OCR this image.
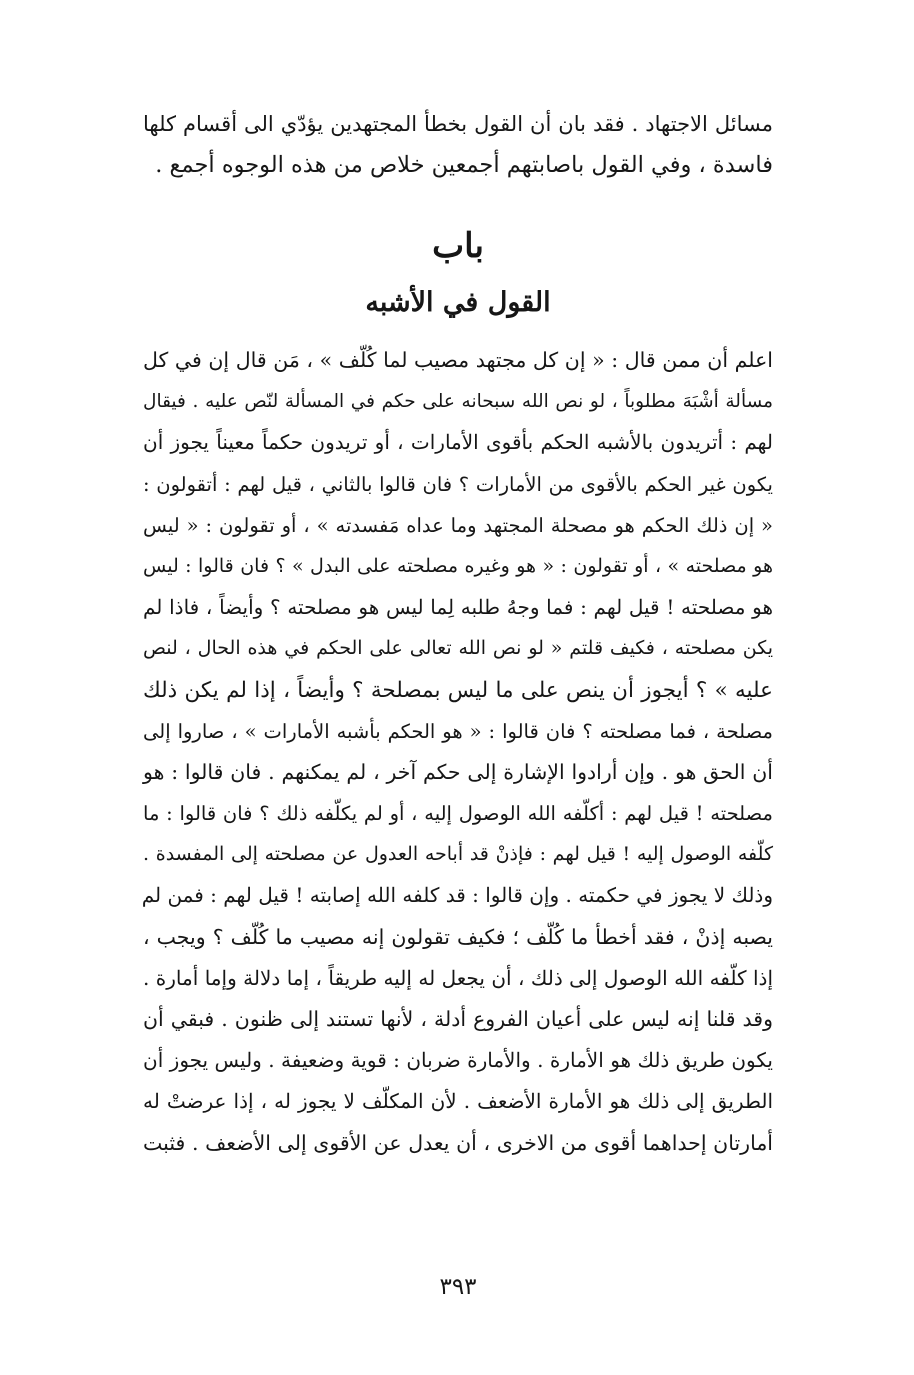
مسائل الاجتهاد . فقد بان أن القول بخطأ المجتهدين يؤدّي الى أقسام كلها
فاسدة ، وفي القول باصابتهم أجمعين خلاص من هذه الوجوه أجمع .
باب
القول في الأشبه
اعلم أن ممن قال : « إن كل مجتهد مصيب لما كُلّف » ، مَن قال إن في كل
مسألة أشْبَهَ مطلوباً ، لو نص الله سبحانه على حكم في المسألة لنّص عليه . فيقال
لهم : أتريدون بالأشبه الحكم بأقوى الأمارات ، أو تريدون حكماً معيناً يجوز أن
يكون غير الحكم بالأقوى من الأمارات ؟ فان قالوا بالثاني ، قيل لهم : أتقولون :
« إن ذلك الحكم هو مصحلة المجتهد وما عداه مَفسدته » ، أو تقولون : « ليس
هو مصلحته » ، أو تقولون : « هو وغيره مصلحته على البدل » ؟ فان قالوا : ليس
هو مصلحته ! قيل لهم : فما وجهُ طلبه لِما ليس هو مصلحته ؟ وأيضاً ، فاذا لم
يكن مصلحته ، فكيف قلتم « لو نص الله تعالى على الحكم في هذه الحال ، لنص
عليه » ؟ أيجوز أن ينص على ما ليس بمصلحة ؟ وأيضاً ، إذا لم يكن ذلك
مصلحة ، فما مصلحته ؟ فان قالوا : « هو الحكم بأشبه الأمارات » ، صاروا إلى
أن الحق هو . وإن أرادوا الإشارة إلى حكم آخر ، لم يمكنهم . فان قالوا : هو
مصلحته ! قيل لهم : أكلّفه الله الوصول إليه ، أو لم يكلّفه ذلك ؟ فان قالوا : ما
كلّفه الوصول إليه ! قيل لهم : فإذنْ قد أباحه العدول عن مصلحته إلى المفسدة .
وذلك لا يجوز في حكمته . وإن قالوا : قد كلفه الله إصابته ! قيل لهم : فمن لم
يصبه إذنْ ، فقد أخطأ ما كُلّف ؛ فكيف تقولون إنه مصيب ما كُلّف ؟ ويجب ،
إذا كلّفه الله الوصول إلى ذلك ، أن يجعل له إليه طريقاً ، إما دلالة وإما أمارة .
وقد قلنا إنه ليس على أعيان الفروع أدلة ، لأنها تستند إلى ظنون . فبقي أن
يكون طريق ذلك هو الأمارة . والأمارة ضربان : قوية وضعيفة . وليس يجوز أن
الطريق إلى ذلك هو الأمارة الأضعف . لأن المكلّف لا يجوز له ، إذا عرضتْ له
أمارتان إحداهما أقوى من الاخرى ، أن يعدل عن الأقوى إلى الأضعف . فثبت
٣٩٣
